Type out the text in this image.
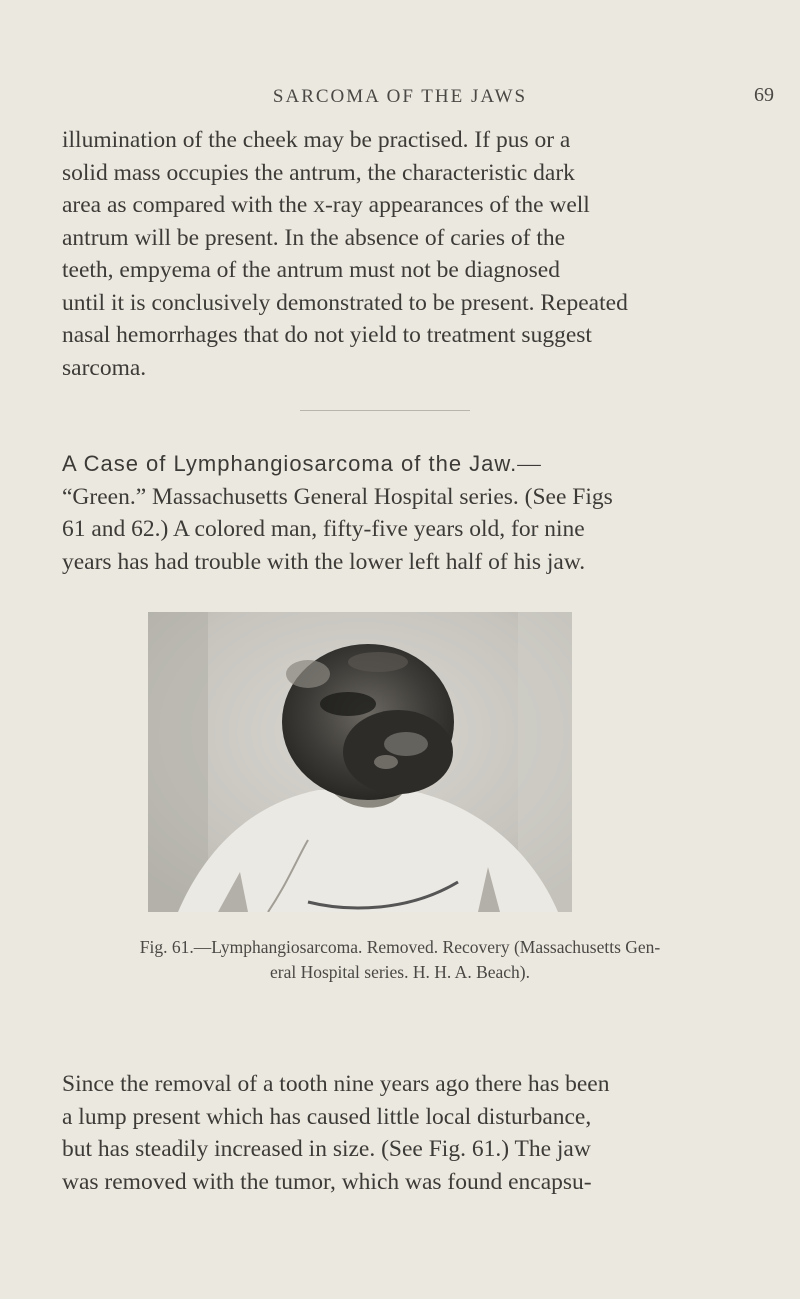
SARCOMA OF THE JAWS	69
illumination of the cheek may be practised. If pus or a
solid mass occupies the antrum, the characteristic dark
area as compared with the x-ray appearances of the well
antrum will be present. In the absence of caries of the
teeth, empyema of the antrum must not be diagnosed
until it is conclusively demonstrated to be present. Repeated
nasal hemorrhages that do not yield to treatment suggest
sarcoma.
A Case of Lymphangiosarcoma of the Jaw.—
“Green.” Massachusetts General Hospital series. (See Figs
61 and 62.) A colored man, fifty-five years old, for nine
years has had trouble with the lower left half of his jaw.
Fig. 61.—Lymphangiosarcoma. Removed. Recovery (Massachusetts Gen-
eral Hospital series. H. H. A. Beach).
Since the removal of a tooth nine years ago there has been
a lump present which has caused little local disturbance,
but has steadily increased in size. (See Fig. 61.) The jaw
was removed with the tumor, which was found encapsu-
